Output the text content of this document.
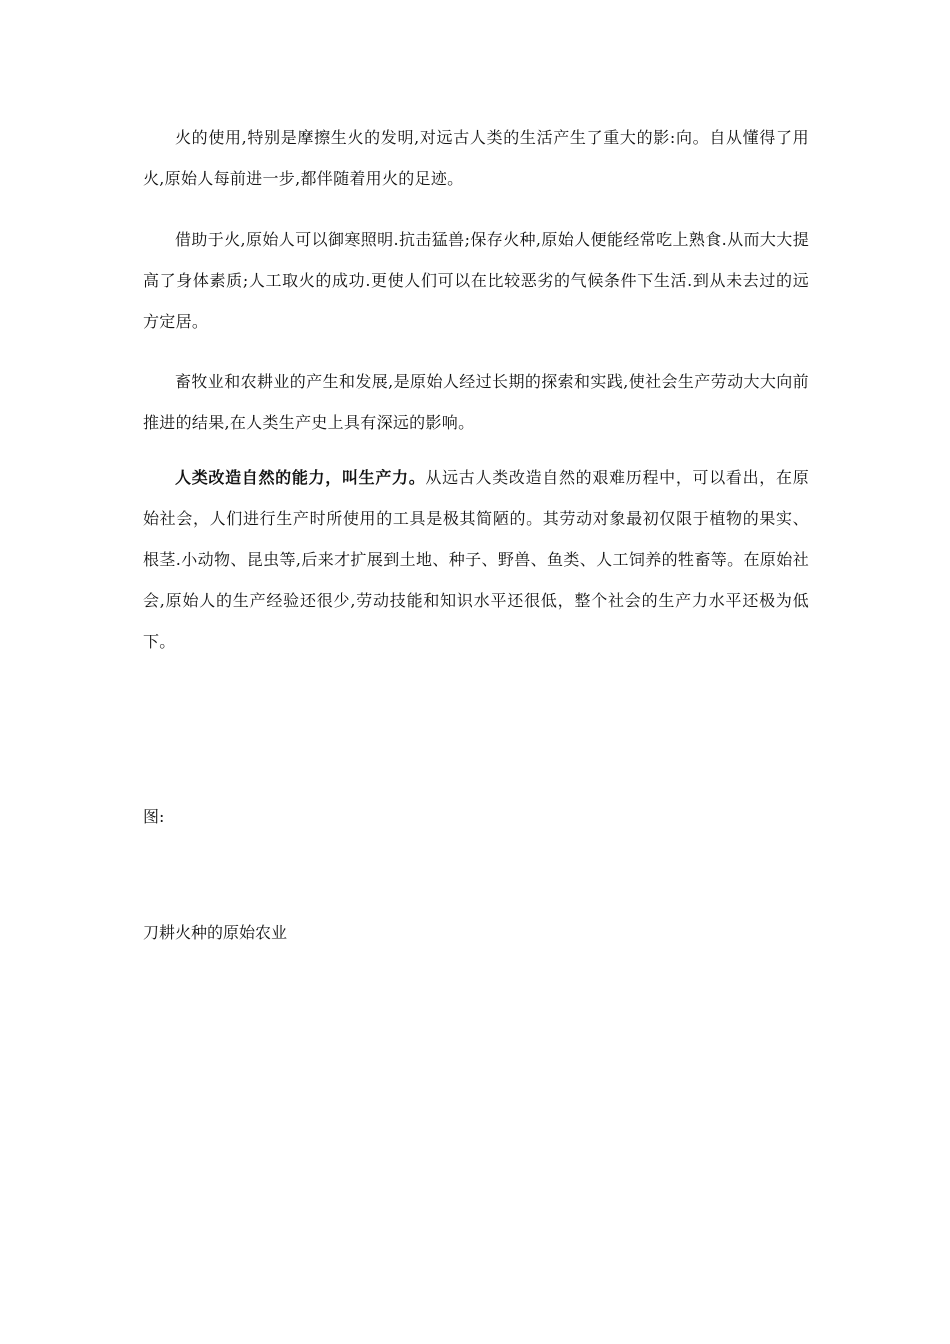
火的使用,特别是摩擦生火的发明,对远古人类的生活产生了重大的影:向。自从懂得了用火,原始人每前进一步,都伴随着用火的足迹。

借助于火,原始人可以御寒照明.抗击猛兽;保存火种,原始人便能经常吃上熟食.从而大大提高了身体素质;人工取火的成功.更使人们可以在比较恶劣的气候条件下生活.到从未去过的远方定居。

畜牧业和农耕业的产生和发展,是原始人经过长期的探索和实践,使社会生产劳动大大向前推进的结果,在人类生产史上具有深远的影响。

人类改造自然的能力，叫生产力。从远古人类改造自然的艰难历程中，可以看出，在原始社会，人们进行生产时所使用的工具是极其简陋的。其劳动对象最初仅限于植物的果实、根茎.小动物、昆虫等,后来才扩展到土地、种子、野兽、鱼类、人工饲养的牲畜等。在原始社会,原始人的生产经验还很少,劳动技能和知识水平还很低，整个社会的生产力水平还极为低下。

图:

刀耕火种的原始农业
